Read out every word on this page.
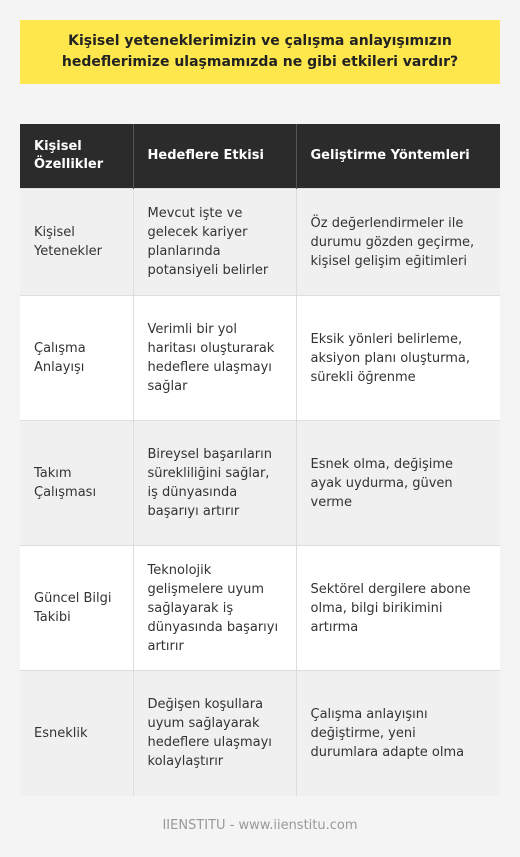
Kişisel yeteneklerimizin ve çalışma anlayışımızın hedeflerimize ulaşmamızda ne gibi etkileri vardır?
Kişisel Özellikler	Hedeflere Etkisi	Geliştirme Yöntemleri
Kişisel Yetenekler	Mevcut işte ve gelecek kariyer planlarında potansiyeli belirler	Öz değerlendirmeler ile durumu gözden geçirme, kişisel gelişim eğitimleri
Çalışma Anlayışı	Verimli bir yol haritası oluşturarak hedeflere ulaşmayı sağlar	Eksik yönleri belirleme, aksiyon planı oluşturma, sürekli öğrenme
Takım Çalışması	Bireysel başarıların sürekliliğini sağlar, iş dünyasında başarıyı artırır	Esnek olma, değişime ayak uydurma, güven verme
Güncel Bilgi Takibi	Teknolojik gelişmelere uyum sağlayarak iş dünyasında başarıyı artırır	Sektörel dergilere abone olma, bilgi birikimini artırma
Esneklik	Değişen koşullara uyum sağlayarak hedeflere ulaşmayı kolaylaştırır	Çalışma anlayışını değiştirme, yeni durumlara adapte olma
IIENSTITU - www.iienstitu.com
